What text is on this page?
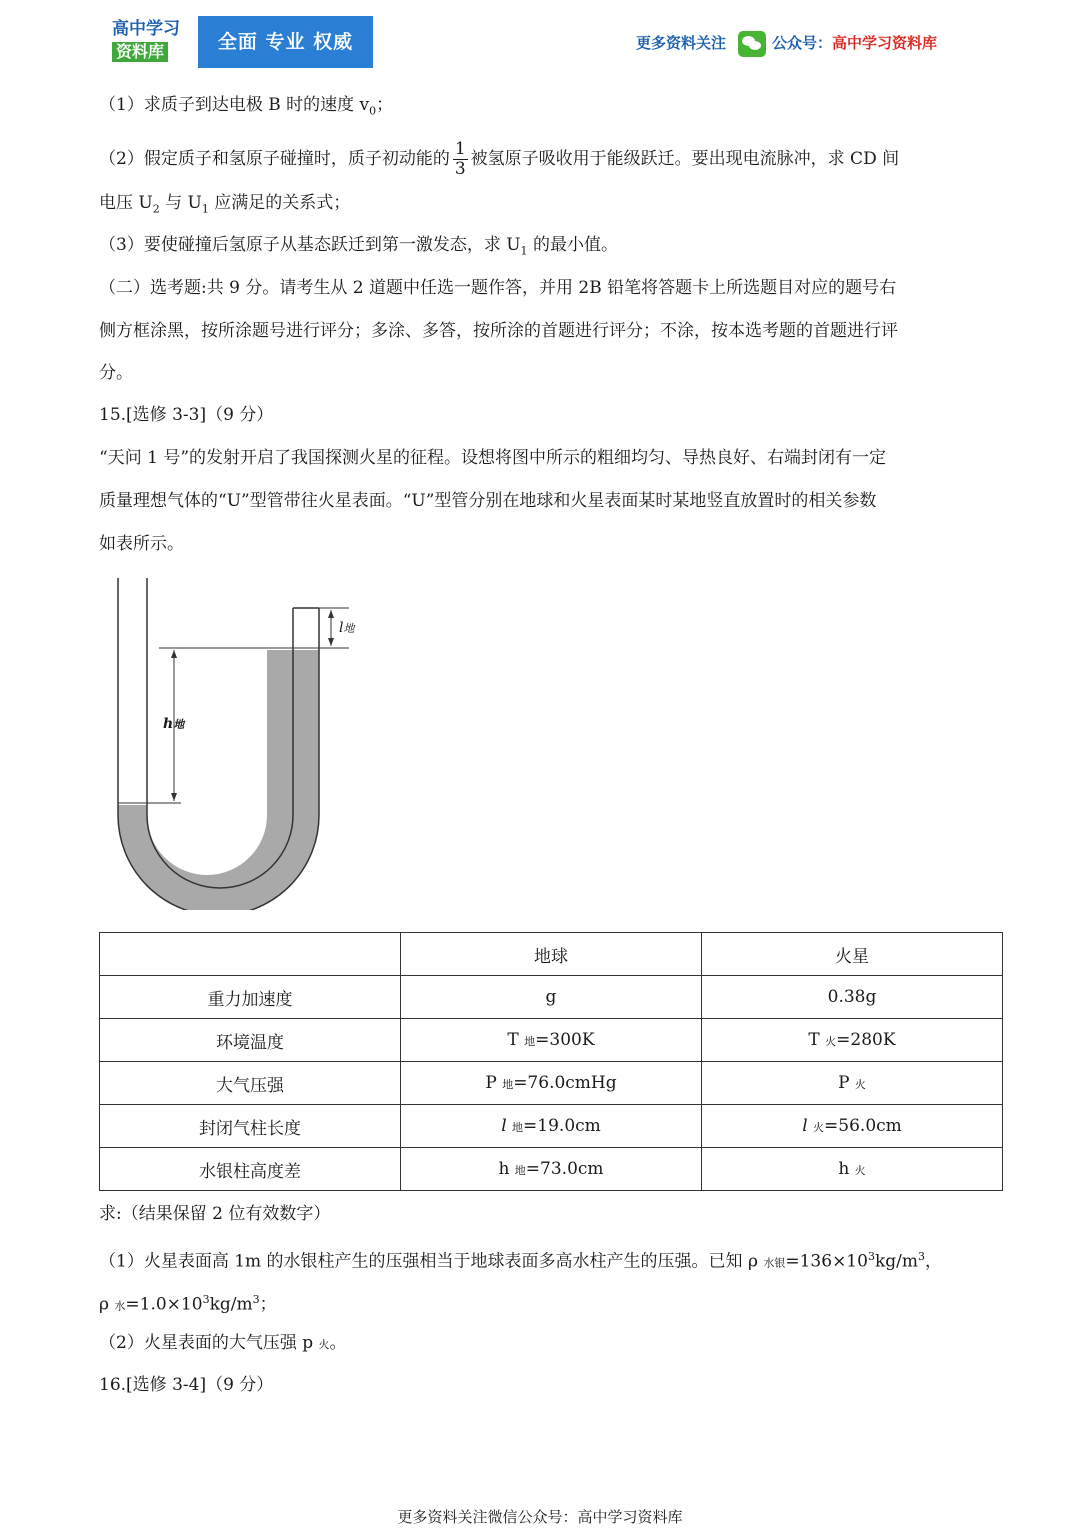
高中学习
资料库	全面 专业 权威	更多资料关注	公众号：高中学习资料库
（1）求质子到达电极 B 时的速度 $v_0$；
（2）假定质子和氢原子碰撞时，质子初动能的 $\frac{1}{3}$ 被氢原子吸收用于能级跃迁。要出现电流脉冲，求 CD 间
电压 $U_2$ 与 $U_1$ 应满足的关系式；
（3）要使碰撞后氢原子从基态跃迁到第一激发态，求 $U_1$ 的最小值。
（二）选考题:共 9 分。请考生从 2 道题中任选一题作答，并用 2B 铅笔将答题卡上所选题目对应的题号右
侧方框涂黑，按所涂题号进行评分；多涂、多答，按所涂的首题进行评分；不涂，按本选考题的首题进行评
分。
15.[选修 3-3]（9 分）
“天问 1 号”的发射开启了我国探测火星的征程。设想将图中所示的粗细均匀、导热良好、右端封闭有一定
质量理想气体的“U”型管带往火星表面。“U”型管分别在地球和火星表面某时某地竖直放置时的相关参数
如表所示。
l地
h地
	地球	火星
重力加速度	g	0.38g
环境温度	T 地=300K	T 火=280K
大气压强	P 地=76.0cmHg	P 火
封闭气柱长度	l 地=19.0cm	l 火=56.0cm
水银柱高度差	h 地=73.0cm	h 火
求:（结果保留 2 位有效数字）
（1）火星表面高 1m 的水银柱产生的压强相当于地球表面多高水柱产生的压强。已知 ρ 水银$=136\times 10^3kg/m^3$，
ρ 水$=1.0\times 10^3kg/m^3$；
（2）火星表面的大气压强 p 火。
16.[选修 3-4]（9 分）
更多资料关注微信公众号：高中学习资料库
